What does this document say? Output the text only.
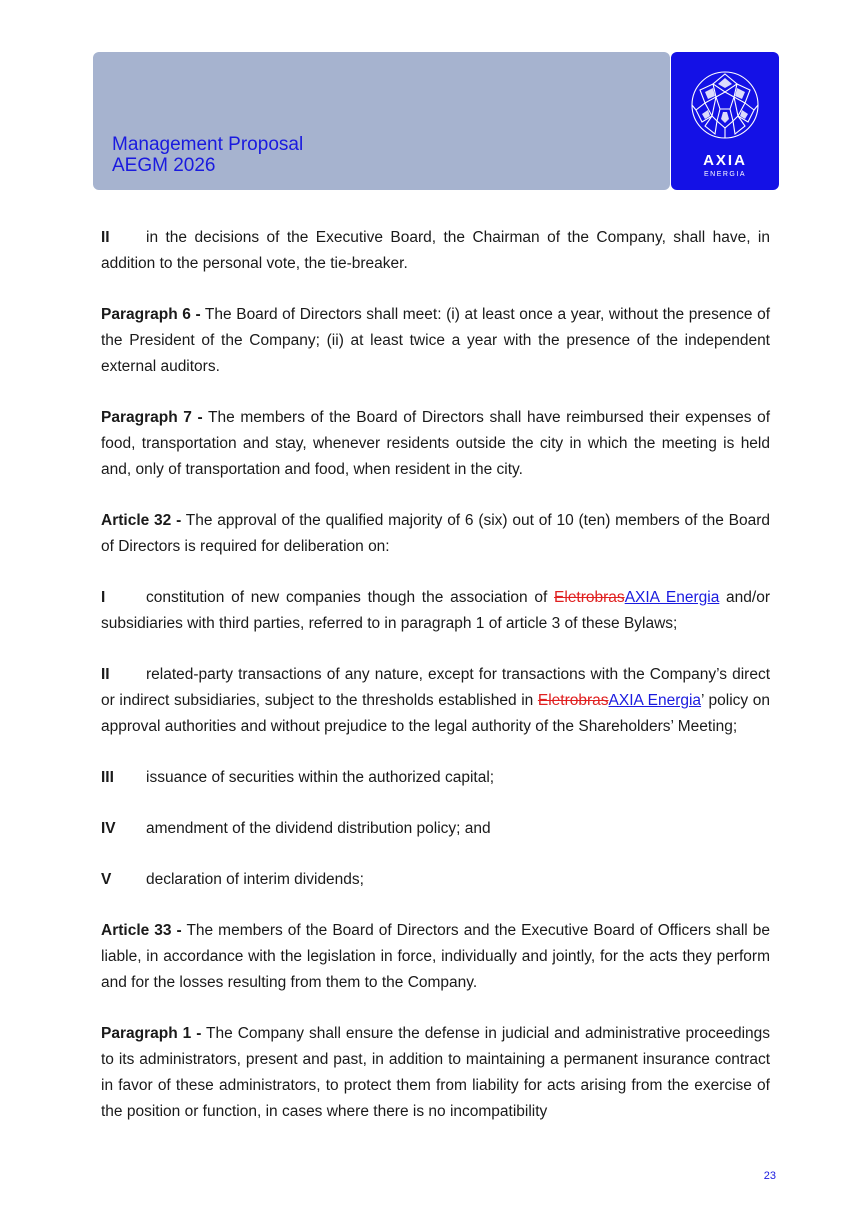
Management Proposal
AEGM 2026	AXIA
ENERGIA

II in the decisions of the Executive Board, the Chairman of the Company, shall have, in addition to the personal vote, the tie-breaker.

Paragraph 6 - The Board of Directors shall meet: (i) at least once a year, without the presence of the President of the Company; (ii) at least twice a year with the presence of the independent external auditors.

Paragraph 7 - The members of the Board of Directors shall have reimbursed their expenses of food, transportation and stay, whenever residents outside the city in which the meeting is held and, only of transportation and food, when resident in the city.

Article 32 - The approval of the qualified majority of 6 (six) out of 10 (ten) members of the Board of Directors is required for deliberation on:

I	constitution of new companies though the association of EletrobrasAXIA Energia and/or subsidiaries with third parties, referred to in paragraph 1 of article 3 of these Bylaws;

II related-party transactions of any nature, except for transactions with the Company’s direct or indirect subsidiaries, subject to the thresholds established in EletrobrasAXIA Energia’ policy on approval authorities and without prejudice to the legal authority of the Shareholders’ Meeting;

III issuance of securities within the authorized capital;

IV amendment of the dividend distribution policy; and

V declaration of interim dividends;

Article 33 - The members of the Board of Directors and the Executive Board of Officers shall be liable, in accordance with the legislation in force, individually and jointly, for the acts they perform and for the losses resulting from them to the Company.

Paragraph 1 - The Company shall ensure the defense in judicial and administrative proceedings to its administrators, present and past, in addition to maintaining a permanent insurance contract in favor of these administrators, to protect them from liability for acts arising from the exercise of the position or function, in cases where there is no incompatibility

23
